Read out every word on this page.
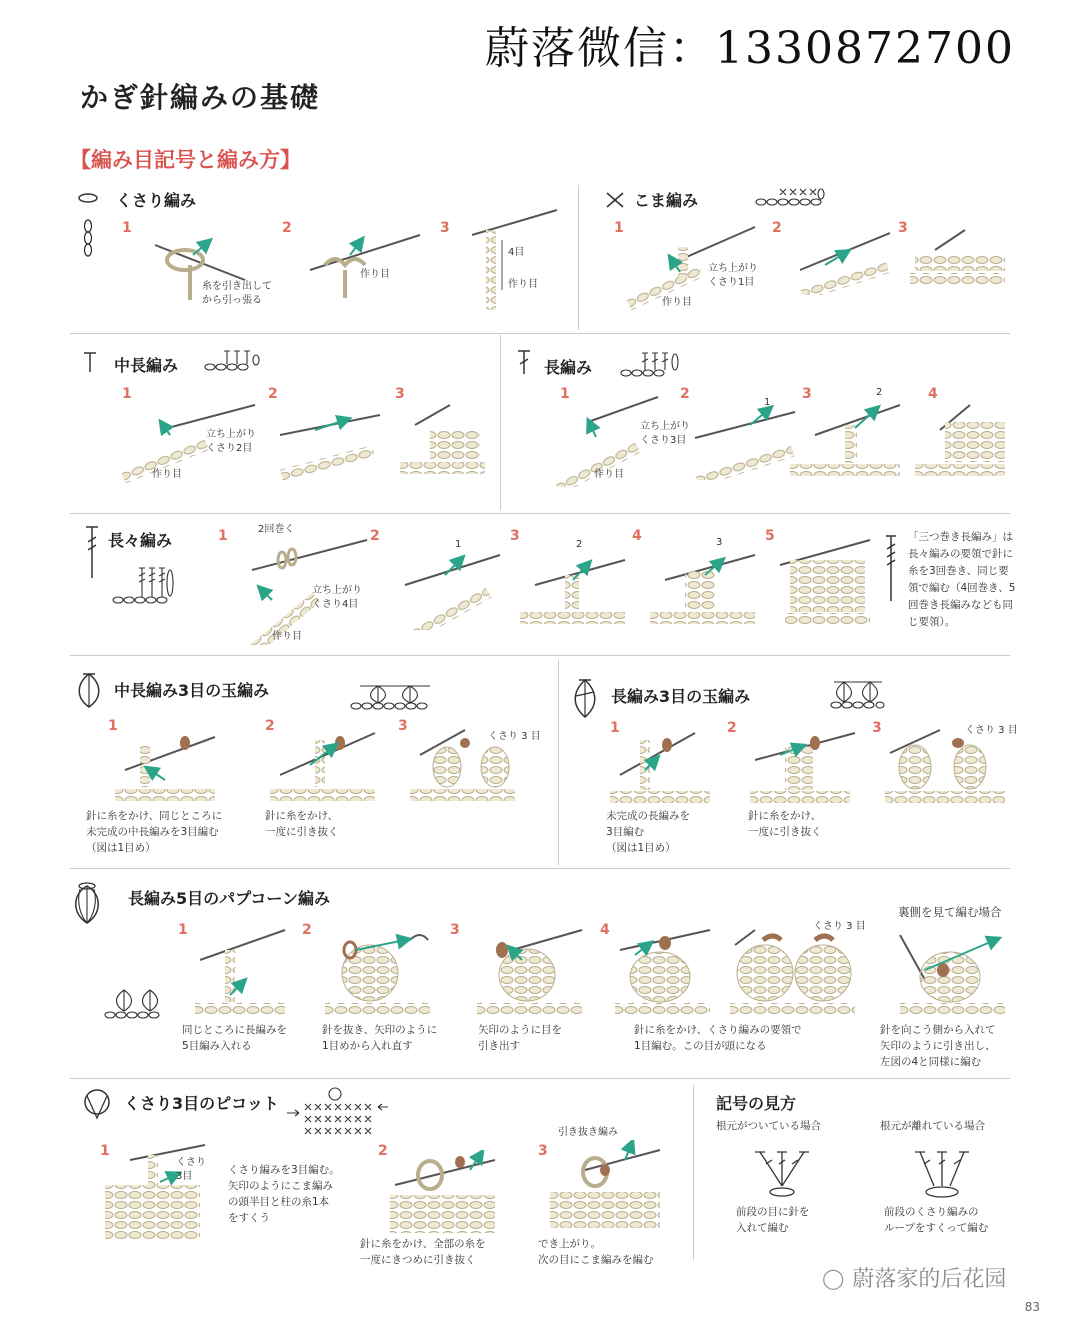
蔚落微信：1330872700
かぎ針編みの基礎
【編み目記号と編み方】
くさり編み
1	2	3
糸を引き出して
から引っ張る
作り目
4目
作り目
こま編み
1	2	3
立ち上がり
くさり1目
作り目
中長編み
1	2	3
立ち上がり
くさり2目
作り目
長編み
1	2	3	4
立ち上がり
くさり3目
作り目
1
2
長々編み	1	2	3	4	5
2回巻く
立ち上がり
くさり4目
作り目
1	2	3	「三つ巻き長編み」は長々編みの要領で針に糸を3回巻き、同じ要領で編む（4回巻き、5回巻き長編みなども同じ要領）。
中長編み3目の玉編み
1	2	3
くさり 3 目
針に糸をかけ、同じところに
未完成の中長編みを3目編む
（図は1目め）
針に糸をかけ、
一度に引き抜く
長編み3目の玉編み
1	2	3	くさり 3 目
未完成の長編みを
3目編む
（図は1目め）
針に糸をかけ、
一度に引き抜く
長編み5目のパプコーン編み
1	2	3	4	くさり 3 目
裏側を見て編む場合
同じところに長編みを
5目編み入れる
針を抜き、矢印のように
1目めから入れ直す
矢印のように目を
引き出す
針に糸をかけ、くさり編みの要領で
1目編む。この目が頭になる
針を向こう側から入れて
矢印のように引き出し、
左図の4と同様に編む
くさり3目のピコット
1	2	3
くさり
3目
くさり編みを3目編む。
矢印のようにこま編み
の頭半目と柱の糸1本
をすくう
針に糸をかけ、全部の糸を
一度にきつめに引き抜く
引き抜き編み
でき上がり。
次の目にこま編みを編む
記号の見方
根元がついている場合	根元が離れている場合
前段の目に針を
入れて編む
前段のくさり編みの
ループをすくって編む
◯ 蔚落家的后花园
83
